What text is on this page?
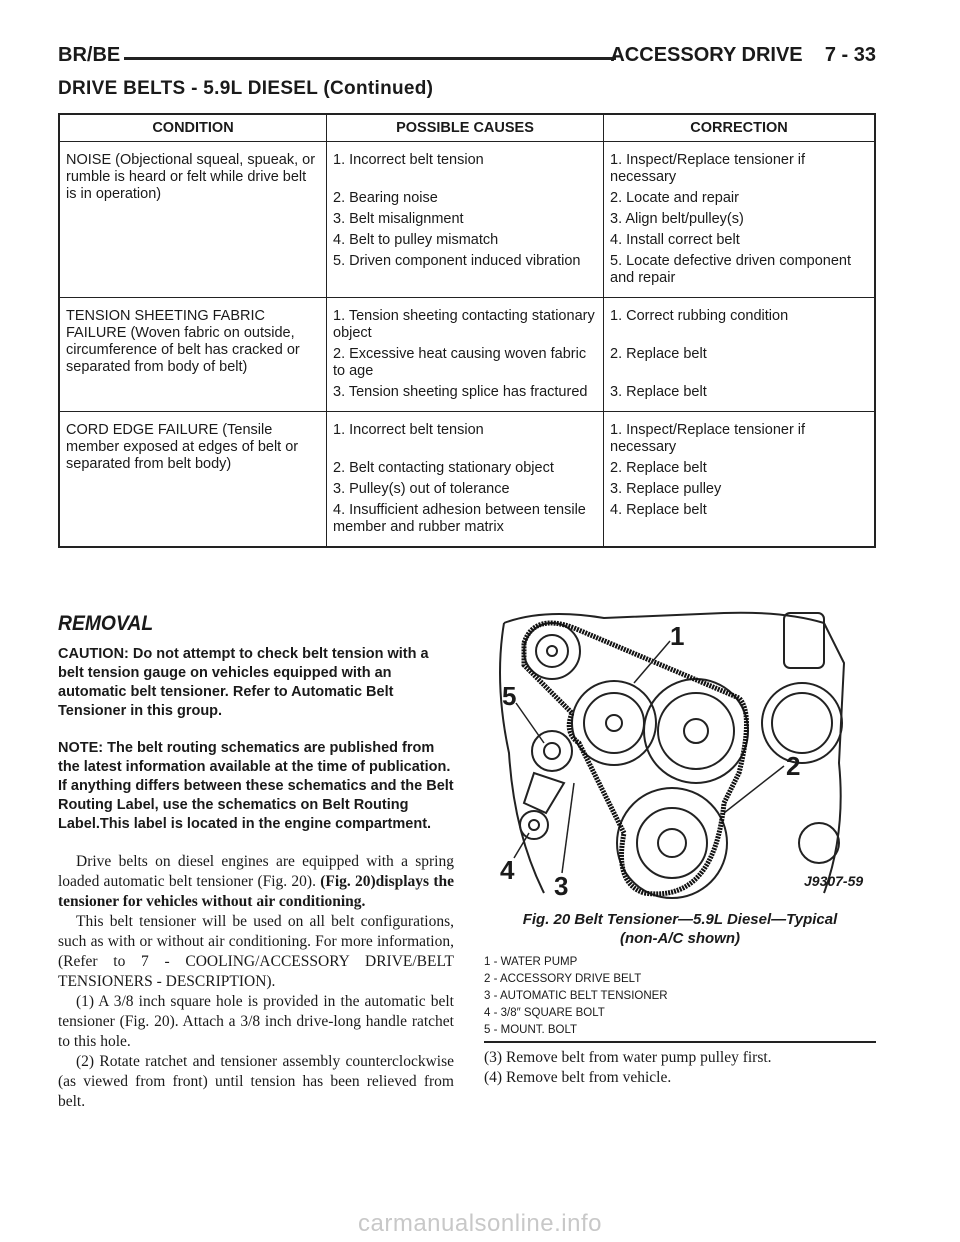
BR/BE	ACCESSORY DRIVE    7 - 33
DRIVE BELTS - 5.9L DIESEL (Continued)
CONDITION	POSSIBLE CAUSES	CORRECTION
NOISE (Objectional squeal, spueak, or rumble is heard or felt while drive belt is in operation)	1. Incorrect belt tension	1. Inspect/Replace tensioner if necessary
	2. Bearing noise	2. Locate and repair
	3. Belt misalignment	3. Align belt/pulley(s)
	4. Belt to pulley mismatch	4. Install correct belt
	5. Driven component induced vibration	5. Locate defective driven component and repair
TENSION SHEETING FABRIC FAILURE (Woven fabric on outside, circumference of belt has cracked or separated from body of belt)	1. Tension sheeting contacting stationary object	1. Correct rubbing condition
	2. Excessive heat causing woven fabric to age	2. Replace belt
	3. Tension sheeting splice has fractured	3. Replace belt
CORD EDGE FAILURE (Tensile member exposed at edges of belt or separated from belt body)	1. Incorrect belt tension	1. Inspect/Replace tensioner if necessary
	2. Belt contacting stationary object	2. Replace belt
	3. Pulley(s) out of tolerance	3. Replace pulley
	4. Insufficient adhesion between tensile member and rubber matrix	4. Replace belt
REMOVAL

CAUTION: Do not attempt to check belt tension with a belt tension gauge on vehicles equipped with an automatic belt tensioner. Refer to Automatic Belt Tensioner in this group.

NOTE: The belt routing schematics are published from the latest information available at the time of publication. If anything differs between these schematics and the Belt Routing Label, use the schematics on Belt Routing Label.This label is located in the engine compartment.

Drive belts on diesel engines are equipped with a spring loaded automatic belt tensioner (Fig. 20). (Fig. 20)displays the tensioner for vehicles without air conditioning.

This belt tensioner will be used on all belt configurations, such as with or without air conditioning. For more information, (Refer to 7 - COOLING/ACCESSORY DRIVE/BELT TENSIONERS - DESCRIPTION).

(1) A 3/8 inch square hole is provided in the automatic belt tensioner (Fig. 20). Attach a 3/8 inch drive-long handle ratchet to this hole.

(2) Rotate ratchet and tensioner assembly counterclockwise (as viewed from front) until tension has been relieved from belt.

1
2
3
4
5
J9307-59
Fig. 20 Belt Tensioner—5.9L Diesel—Typical
(non-A/C shown)
1 - WATER PUMP
2 - ACCESSORY DRIVE BELT
3 - AUTOMATIC BELT TENSIONER
4 - 3/8″ SQUARE BOLT
5 - MOUNT. BOLT

(3) Remove belt from water pump pulley first.

(4) Remove belt from vehicle.

carmanualsonline.info
